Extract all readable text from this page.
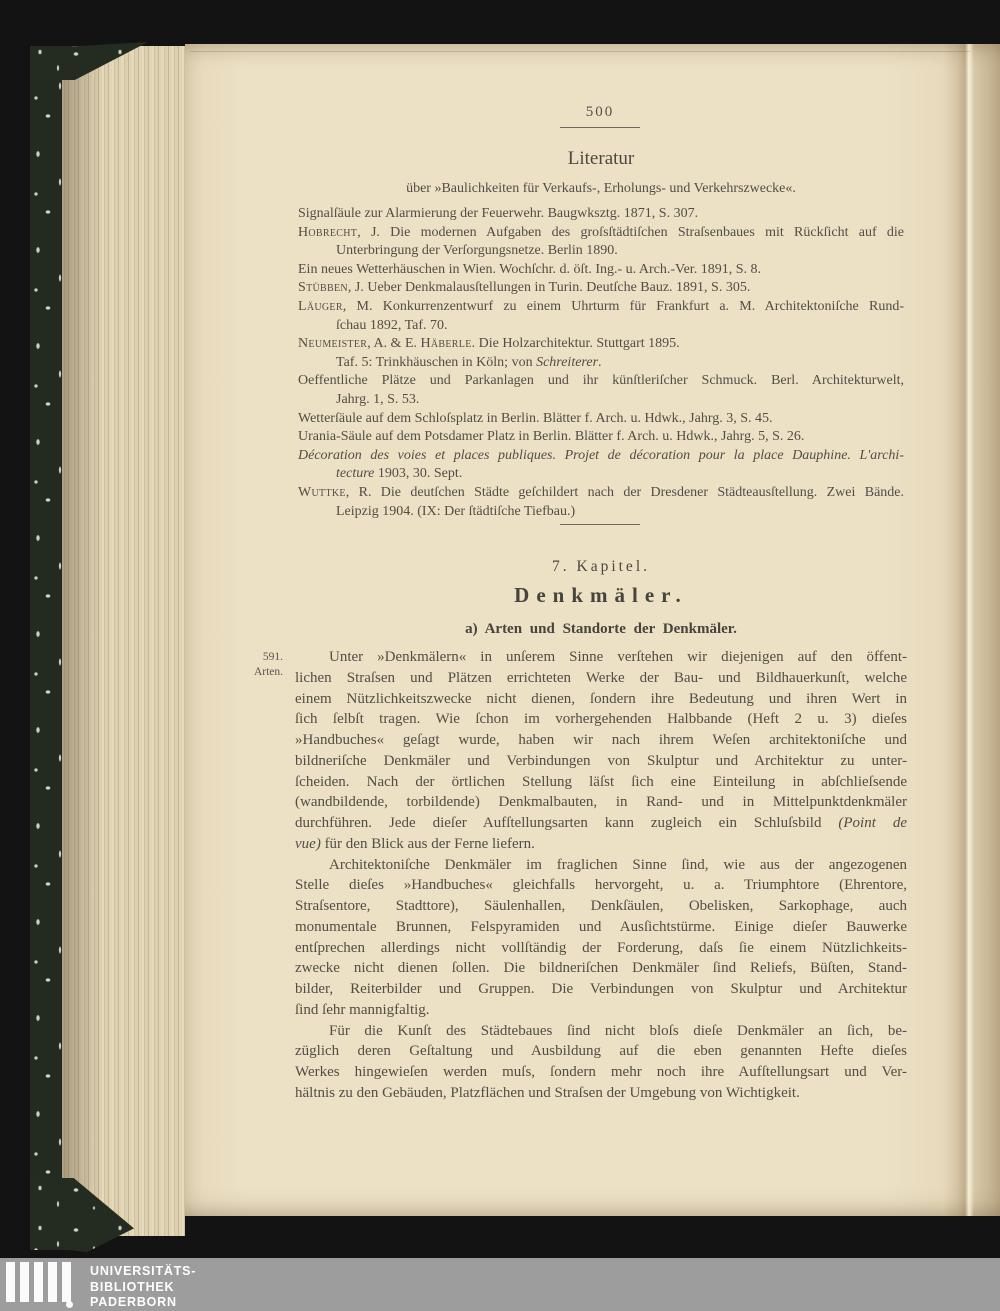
500
Literatur
über »Baulichkeiten für Verkaufs-, Erholungs- und Verkehrszwecke«.
Signalſäule zur Alarmierung der Feuerwehr. Baugwksztg. 1871, S. 307.
Hobrecht, J. Die modernen Aufgaben des groſsſtädtiſchen Straſsenbaues mit Rückſicht auf die
Unterbringung der Verſorgungsnetze. Berlin 1890.
Ein neues Wetterhäuschen in Wien. Wochſchr. d. öſt. Ing.- u. Arch.-Ver. 1891, S. 8.
Stübben, J. Ueber Denkmalausſtellungen in Turin. Deutſche Bauz. 1891, S. 305.
Läuger, M. Konkurrenzentwurf zu einem Uhrturm für Frankfurt a. M. Architektoniſche Rund-
ſchau 1892, Taf. 70.
Neumeister, A. & E. Häberle. Die Holzarchitektur. Stuttgart 1895.
Taf. 5: Trinkhäuschen in Köln; von Schreiterer.
Oeffentliche Plätze und Parkanlagen und ihr künſtleriſcher Schmuck. Berl. Architekturwelt,
Jahrg. 1, S. 53.
Wetterſäule auf dem Schloſsplatz in Berlin. Blätter f. Arch. u. Hdwk., Jahrg. 3, S. 45.
Urania-Säule auf dem Potsdamer Platz in Berlin. Blätter f. Arch. u. Hdwk., Jahrg. 5, S. 26.
Décoration des voies et places publiques. Projet de décoration pour la place Dauphine. L'archi-
tecture 1903, 30. Sept.
Wuttke, R. Die deutſchen Städte geſchildert nach der Dresdener Städteausſtellung. Zwei Bände.
Leipzig 1904. (IX: Der ſtädtiſche Tiefbau.)
7. Kapitel.
Denkmäler.
a) Arten und Standorte der Denkmäler.
591.
Arten.
Unter »Denkmälern« in unſerem Sinne verſtehen wir diejenigen auf den öffent-
lichen Straſsen und Plätzen errichteten Werke der Bau- und Bildhauerkunſt, welche
einem Nützlichkeitszwecke nicht dienen, ſondern ihre Bedeutung und ihren Wert in
ſich ſelbſt tragen. Wie ſchon im vorhergehenden Halbbande (Heft 2 u. 3) dieſes
»Handbuches« geſagt wurde, haben wir nach ihrem Weſen architektoniſche und
bildneriſche Denkmäler und Verbindungen von Skulptur und Architektur zu unter-
ſcheiden. Nach der örtlichen Stellung läſst ſich eine Einteilung in abſchlieſsende
(wandbildende, torbildende) Denkmalbauten, in Rand- und in Mittelpunktdenkmäler
durchführen. Jede dieſer Aufſtellungsarten kann zugleich ein Schluſsbild (Point de
vue) für den Blick aus der Ferne liefern.
Architektoniſche Denkmäler im fraglichen Sinne ſind, wie aus der angezogenen
Stelle dieſes »Handbuches« gleichfalls hervorgeht, u. a. Triumphtore (Ehrentore,
Straſsentore, Stadttore), Säulenhallen, Denkſäulen, Obelisken, Sarkophage, auch
monumentale Brunnen, Felspyramiden und Ausſichtstürme. Einige dieſer Bauwerke
entſprechen allerdings nicht vollſtändig der Forderung, daſs ſie einem Nützlichkeits-
zwecke nicht dienen ſollen. Die bildneriſchen Denkmäler ſind Reliefs, Büſten, Stand-
bilder, Reiterbilder und Gruppen. Die Verbindungen von Skulptur und Architektur
ſind ſehr mannigfaltig.
Für die Kunſt des Städtebaues ſind nicht bloſs dieſe Denkmäler an ſich, be-
züglich deren Geſtaltung und Ausbildung auf die eben genannten Hefte dieſes
Werkes hingewieſen werden muſs, ſondern mehr noch ihre Aufſtellungsart und Ver-
hältnis zu den Gebäuden, Platzflächen und Straſsen der Umgebung von Wichtigkeit.
UNIVERSITÄTS-
BIBLIOTHEK
PADERBORN
